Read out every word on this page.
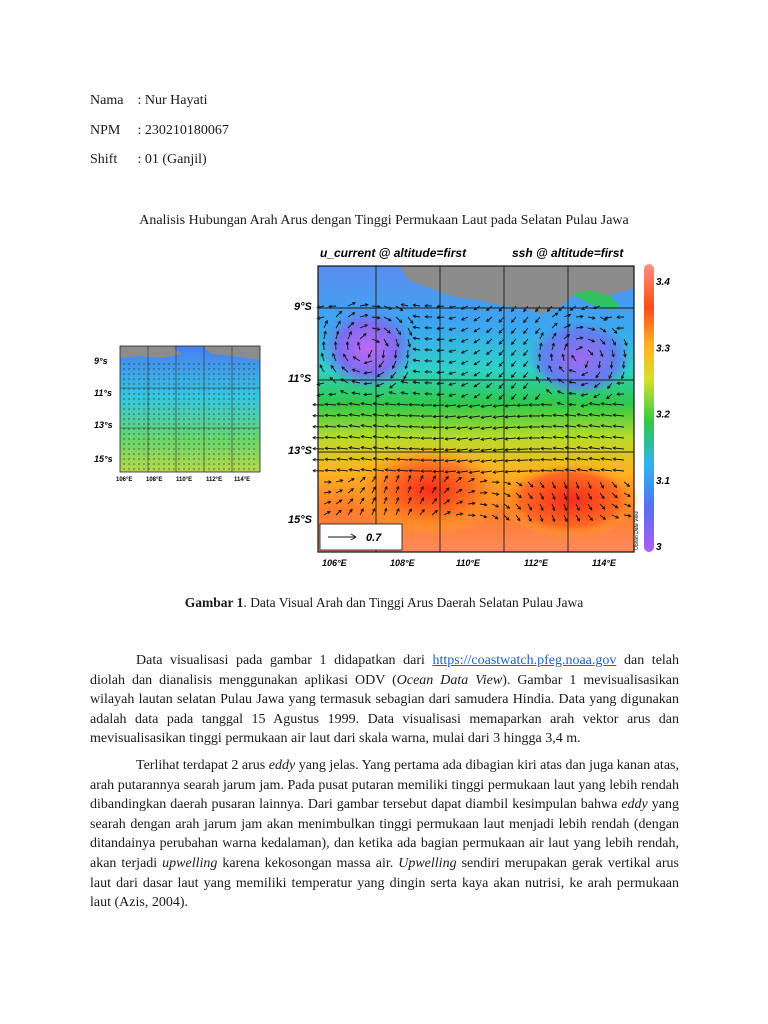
Nama : Nur Hayati
NPM : 230210180067
Shift : 01 (Ganjil)
Analisis Hubungan Arah Arus dengan Tinggi Permukaan Laut pada Selatan Pulau Jawa
9°s
11°s
13°s
15°s
106°E 108°E 110°E 112°E 114°E
u_current @ altitude=first	ssh @ altitude=first
0.7
9°S
11°S
13°S
15°S
106°E	108°E	110°E	112°E	114°E
3.4
3.3
3.2
3.1
3
Ocean Data View
Gambar 1. Data Visual Arah dan Tinggi Arus Daerah Selatan Pulau Jawa
Data visualisasi pada gambar 1 didapatkan dari https://coastwatch.pfeg.noaa.gov dan telah diolah dan dianalisis menggunakan aplikasi ODV (Ocean Data View). Gambar 1 mevisualisasikan wilayah lautan selatan Pulau Jawa yang termasuk sebagian dari samudera Hindia. Data yang digunakan adalah data pada tanggal 15 Agustus 1999. Data visualisasi memaparkan arah vektor arus dan mevisualisasikan tinggi permukaan air laut dari skala warna, mulai dari 3 hingga 3,4 m.
Terlihat terdapat 2 arus eddy yang jelas. Yang pertama ada dibagian kiri atas dan juga kanan atas, arah putarannya searah jarum jam. Pada pusat putaran memiliki tinggi permukaan laut yang lebih rendah dibandingkan daerah pusaran lainnya. Dari gambar tersebut dapat diambil kesimpulan bahwa eddy yang searah dengan arah jarum jam akan menimbulkan tinggi permukaan laut menjadi lebih rendah (dengan ditandainya perubahan warna kedalaman), dan ketika ada bagian permukaan air laut yang lebih rendah, akan terjadi upwelling karena kekosongan massa air. Upwelling sendiri merupakan gerak vertikal arus laut dari dasar laut yang memiliki temperatur yang dingin serta kaya akan nutrisi, ke arah permukaan laut (Azis, 2004).
